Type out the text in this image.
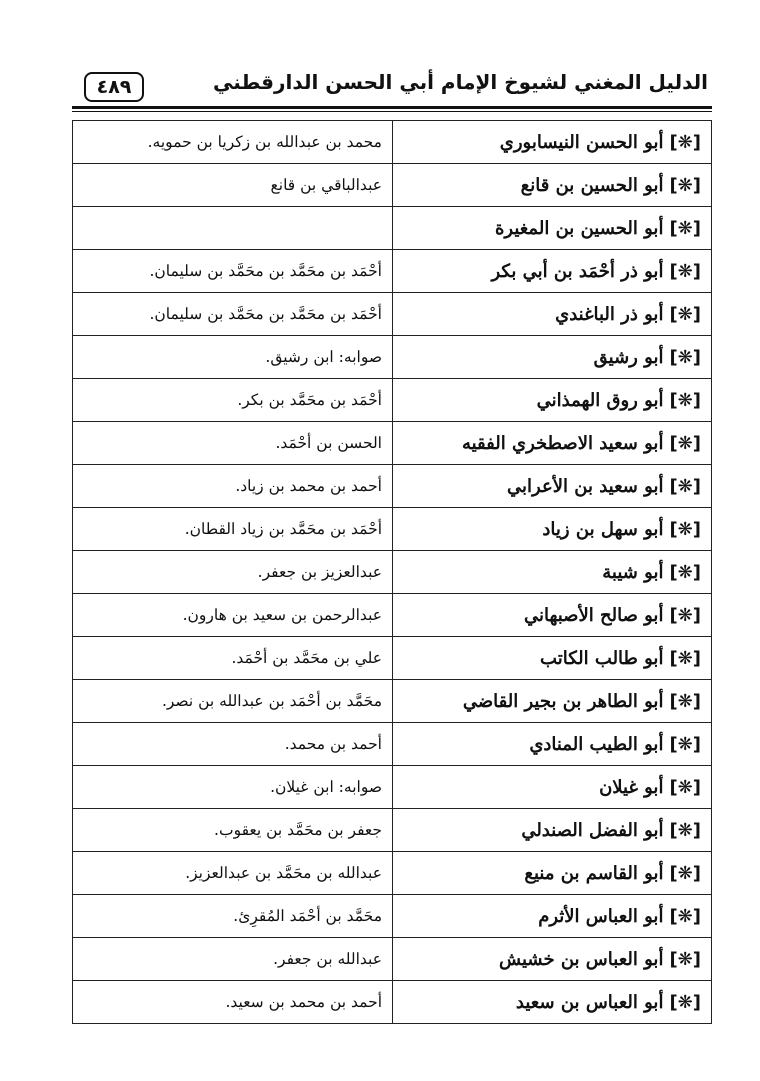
٤٨٩	الدليل المغني لشيوخ الإمام أبي الحسن الدارقطني
[❋]أبو الحسن النيسابوري	محمد بن عبدالله بن زكريا بن حمويه.
[❋]أبو الحسين بن قانع	عبدالباقي بن قانع
[❋]أبو الحسين بن المغيرة	
[❋]أبو ذر أحْمَد بن أبي بكر	أحْمَد بن محَمَّد بن محَمَّد بن سليمان.
[❋]أبو ذر الباغندي	أحْمَد بن محَمَّد بن محَمَّد بن سليمان.
[❋]أبو رشيق	صوابه: ابن رشيق.
[❋]أبو روق الهمذاني	أحْمَد بن محَمَّد بن بكر.
[❋]أبو سعيد الاصطخري الفقيه	الحسن بن أحْمَد.
[❋]أبو سعيد بن الأعرابي	أحمد بن محمد بن زياد.
[❋]أبو سهل بن زياد	أحْمَد بن محَمَّد بن زياد القطان.
[❋]أبو شيبة	عبدالعزيز بن جعفر.
[❋]أبو صالح الأصبهاني	عبدالرحمن بن سعيد بن هارون.
[❋]أبو طالب الكاتب	علي بن محَمَّد بن أحْمَد.
[❋]أبو الطاهر بن بجير القاضي	محَمَّد بن أحْمَد بن عبدالله بن نصر.
[❋]أبو الطيب المنادي	أحمد بن محمد.
[❋]أبو غيلان	صوابه: ابن غيلان.
[❋]أبو الفضل الصندلي	جعفر بن محَمَّد بن يعقوب.
[❋]أبو القاسم بن منيع	عبدالله بن محَمَّد بن عبدالعزيز.
[❋]أبو العباس الأثرم	محَمَّد بن أحْمَد المُقرِئ.
[❋]أبو العباس بن خشيش	عبدالله بن جعفر.
[❋]أبو العباس بن سعيد	أحمد بن محمد بن سعيد.
